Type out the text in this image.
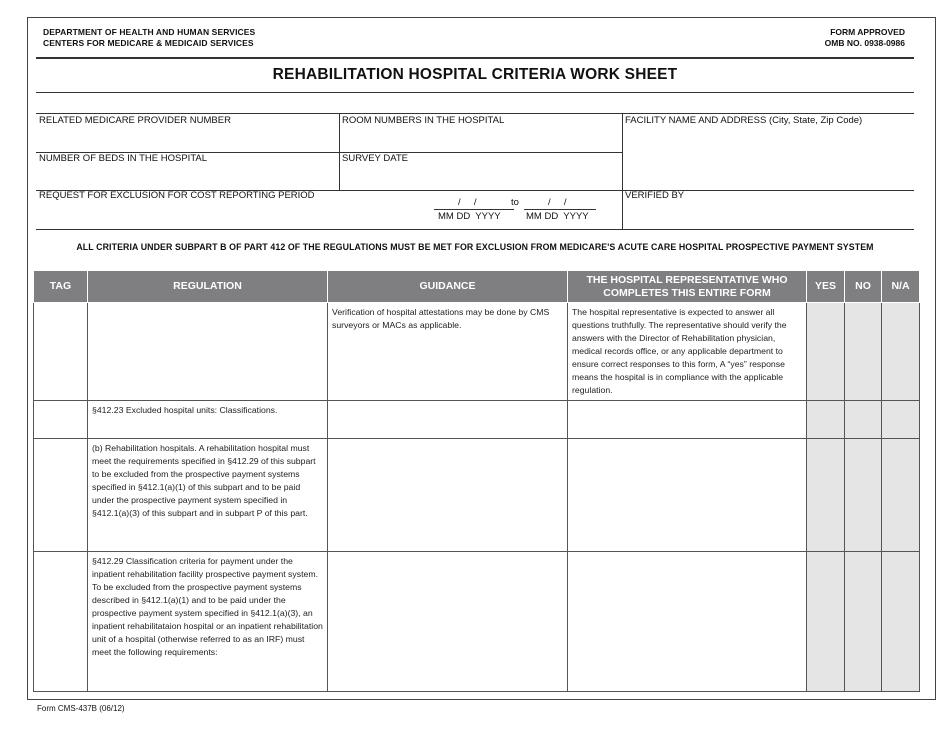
DEPARTMENT OF HEALTH AND HUMAN SERVICES
CENTERS FOR MEDICARE & MEDICAID SERVICES
FORM APPROVED
OMB NO. 0938-0986
REHABILITATION HOSPITAL CRITERIA WORK SHEET
RELATED MEDICARE PROVIDER NUMBER	ROOM NUMBERS IN THE HOSPITAL	FACILITY NAME AND ADDRESS (City, State, Zip Code)
NUMBER OF BEDS IN THE HOSPITAL	SURVEY DATE
REQUEST FOR EXCLUSION FOR COST REPORTING PERIOD	VERIFIED BY
/     /	to	/     /
MM DD  YYYY	MM DD  YYYY
ALL CRITERIA UNDER SUBPART B OF PART 412 OF THE REGULATIONS MUST BE MET FOR EXCLUSION FROM MEDICARE'S ACUTE CARE HOSPITAL PROSPECTIVE PAYMENT SYSTEM
TAG	REGULATION	GUIDANCE	THE HOSPITAL REPRESENTATIVE WHO COMPLETES THIS ENTIRE FORM	YES	NO	N/A
		Verification of hospital attestations may be done by CMS surveyors or MACs as applicable.	The hospital representative is expected to answer all questions truthfully. The representative should verify the answers with the Director of Rehabilitation physician, medical records office, or any applicable department to ensure correct responses to this form, A “yes” response means the hospital is in compliance with the applicable regulation.			
	§412.23 Excluded hospital units: Classifications.					
	(b) Rehabilitation hospitals. A rehabilitation hospital must meet the requirements specified in §412.29 of this subpart to be excluded from the prospective payment systems specified in §412.1(a)(1) of this subpart and to be paid under the prospective payment system specified in §412.1(a)(3) of this subpart and in subpart P of this part.					
	§412.29 Classification criteria for payment under the inpatient rehabilitation facility prospective payment system. To be excluded from the prospective payment systems described in §412.1(a)(1) and to be paid under the prospective payment system specified in §412.1(a)(3), an inpatient rehabilitataion hospital or an inpatient rehabilitation unit of a hospital (otherwise referred to as an IRF) must meet the following requirements:					
Form CMS-437B (06/12)
